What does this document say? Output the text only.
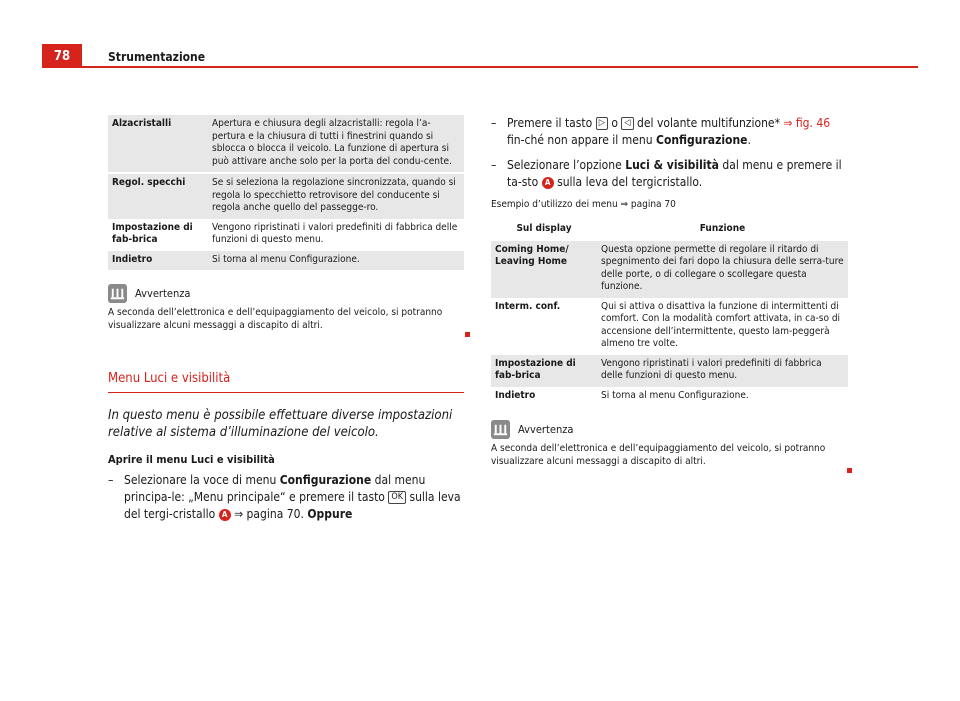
78	Strumentazione
Alzacristalli	Apertura e chiusura degli alzacristalli: regola l’a-pertura e la chiusura di tutti i finestrini quando si sblocca o blocca il veicolo. La funzione di apertura si può attivare anche solo per la porta del condu-cente.
Regol. specchi	Se si seleziona la regolazione sincronizzata, quando si regola lo specchietto retrovisore del conducente si regola anche quello del passegge-ro.
Impostazione di fab-brica	Vengono ripristinati i valori predefiniti di fabbrica delle funzioni di questo menu.
Indietro	Si torna al menu Configurazione.
Avvertenza
A seconda dell’elettronica e dell’equipaggiamento del veicolo, si potranno visualizzare alcuni messaggi a discapito di altri.
Menu Luci e visibilità
In questo menu è possibile effettuare diverse impostazioni relative al sistema d’illuminazione del veicolo.
Aprire il menu Luci e visibilità
– Selezionare la voce di menu Configurazione dal menu principa-le: „Menu principale“ e premere il tasto OK sulla leva del tergi-cristallo A ⇒ pagina 70. Oppure
– Premere il tasto ▷ o ◁ del volante multifunzione* ⇒ fig. 46 fin-ché non appare il menu Configurazione.
– Selezionare l’opzione Luci & visibilità dal menu e premere il ta-sto A sulla leva del tergicristallo.
Esempio d’utilizzo dei menu ⇒ pagina 70
Sul display	Funzione
Coming Home/ Leaving Home	Questa opzione permette di regolare il ritardo di spegnimento dei fari dopo la chiusura delle serra-ture delle porte, o di collegare o scollegare questa funzione.
Interm. conf.	Qui si attiva o disattiva la funzione di intermittenti di comfort. Con la modalità comfort attivata, in ca-so di accensione dell’intermittente, questo lam-peggerà almeno tre volte.
Impostazione di fab-brica	Vengono ripristinati i valori predefiniti di fabbrica delle funzioni di questo menu.
Indietro	Si torna al menu Configurazione.
Avvertenza
A seconda dell’elettronica e dell’equipaggiamento del veicolo, si potranno visualizzare alcuni messaggi a discapito di altri.
